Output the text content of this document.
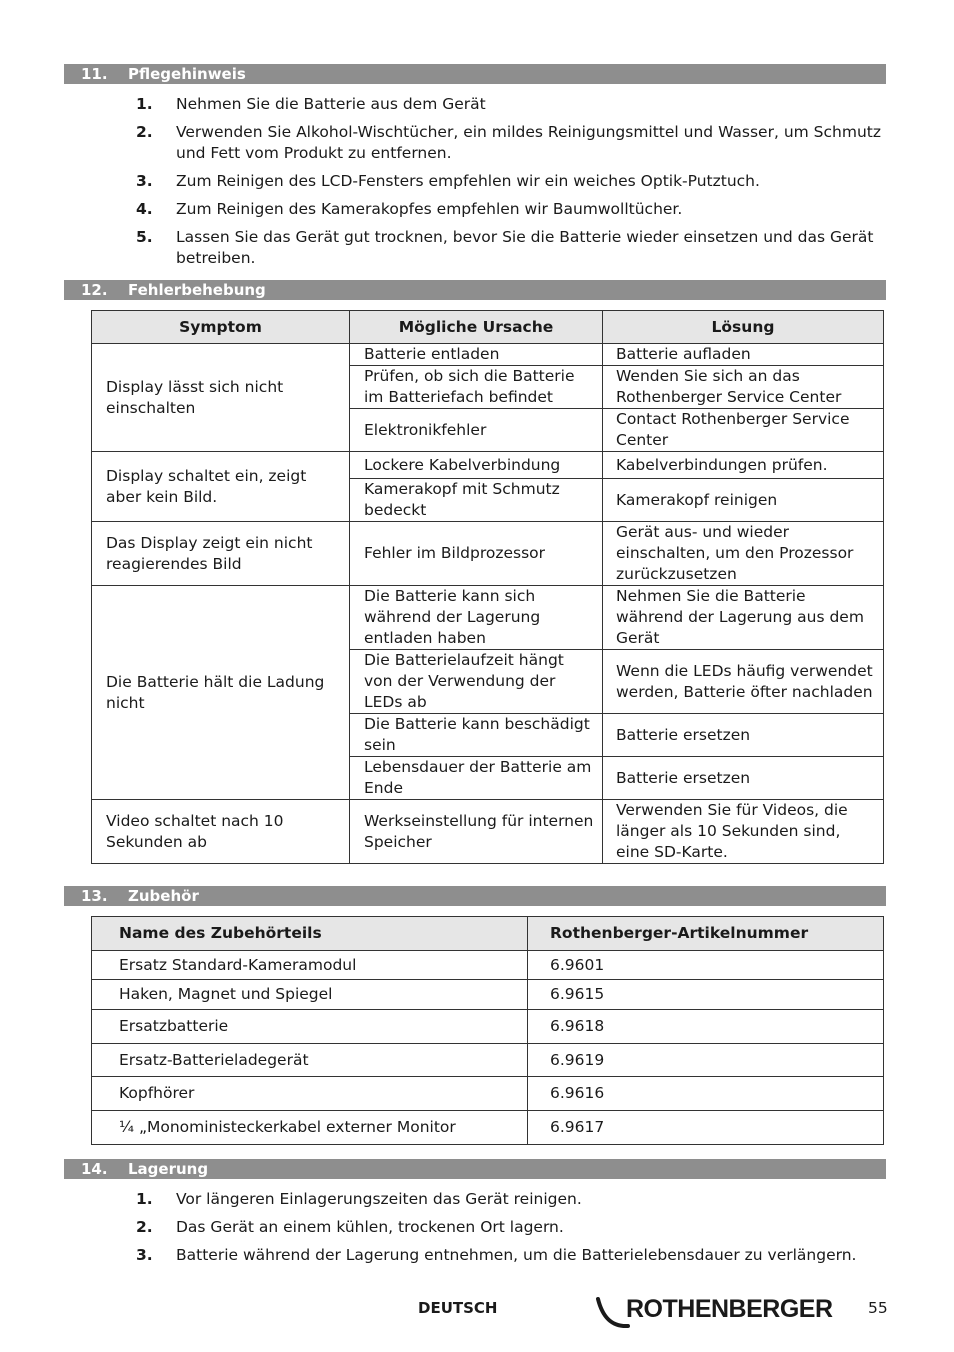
11. Pflegehinweis
1. Nehmen Sie die Batterie aus dem Gerät
2. Verwenden Sie Alkohol-Wischtücher, ein mildes Reinigungsmittel und Wasser, um Schmutz und Fett vom Produkt zu entfernen.
3. Zum Reinigen des LCD-Fensters empfehlen wir ein weiches Optik-Putztuch.
4. Zum Reinigen des Kamerakopfes empfehlen wir Baumwolltücher.
5. Lassen Sie das Gerät gut trocknen, bevor Sie die Batterie wieder einsetzen und das Gerät betreiben.
12. Fehlerbehebung
Symptom	Mögliche Ursache	Lösung
Display lässt sich nicht einschalten	Batterie entladen	Batterie aufladen
	Prüfen, ob sich die Batterie im Batteriefach befindet	Wenden Sie sich an das Rothenberger Service Center
	Elektronikfehler	Contact Rothenberger Service Center
Display schaltet ein, zeigt aber kein Bild.	Lockere Kabelverbindung	Kabelverbindungen prüfen.
	Kamerakopf mit Schmutz bedeckt	Kamerakopf reinigen
Das Display zeigt ein nicht reagierendes Bild	Fehler im Bildprozessor	Gerät aus- und wieder einschalten, um den Prozessor zurückzusetzen
Die Batterie hält die Ladung nicht	Die Batterie kann sich während der Lagerung entladen haben	Nehmen Sie die Batterie während der Lagerung aus dem Gerät
	Die Batterielaufzeit hängt von der Verwendung der LEDs ab	Wenn die LEDs häufig verwendet werden, Batterie öfter nachladen
	Die Batterie kann beschädigt sein	Batterie ersetzen
	Lebensdauer der Batterie am Ende	Batterie ersetzen
Video schaltet nach 10 Sekunden ab	Werkseinstellung für internen Speicher	Verwenden Sie für Videos, die länger als 10 Sekunden sind, eine SD-Karte.
13. Zubehör
Name des Zubehörteils	Rothenberger-Artikelnummer
Ersatz Standard-Kameramodul	6.9601
Haken, Magnet und Spiegel	6.9615
Ersatzbatterie	6.9618
Ersatz-Batterieladegerät	6.9619
Kopfhörer	6.9616
¼ „Monoministeckerkabel externer Monitor	6.9617
14. Lagerung
1. Vor längeren Einlagerungszeiten das Gerät reinigen.
2. Das Gerät an einem kühlen, trockenen Ort lagern.
3. Batterie während der Lagerung entnehmen, um die Batterielebensdauer zu verlängern.
DEUTSCH	ROTHENBERGER 55
